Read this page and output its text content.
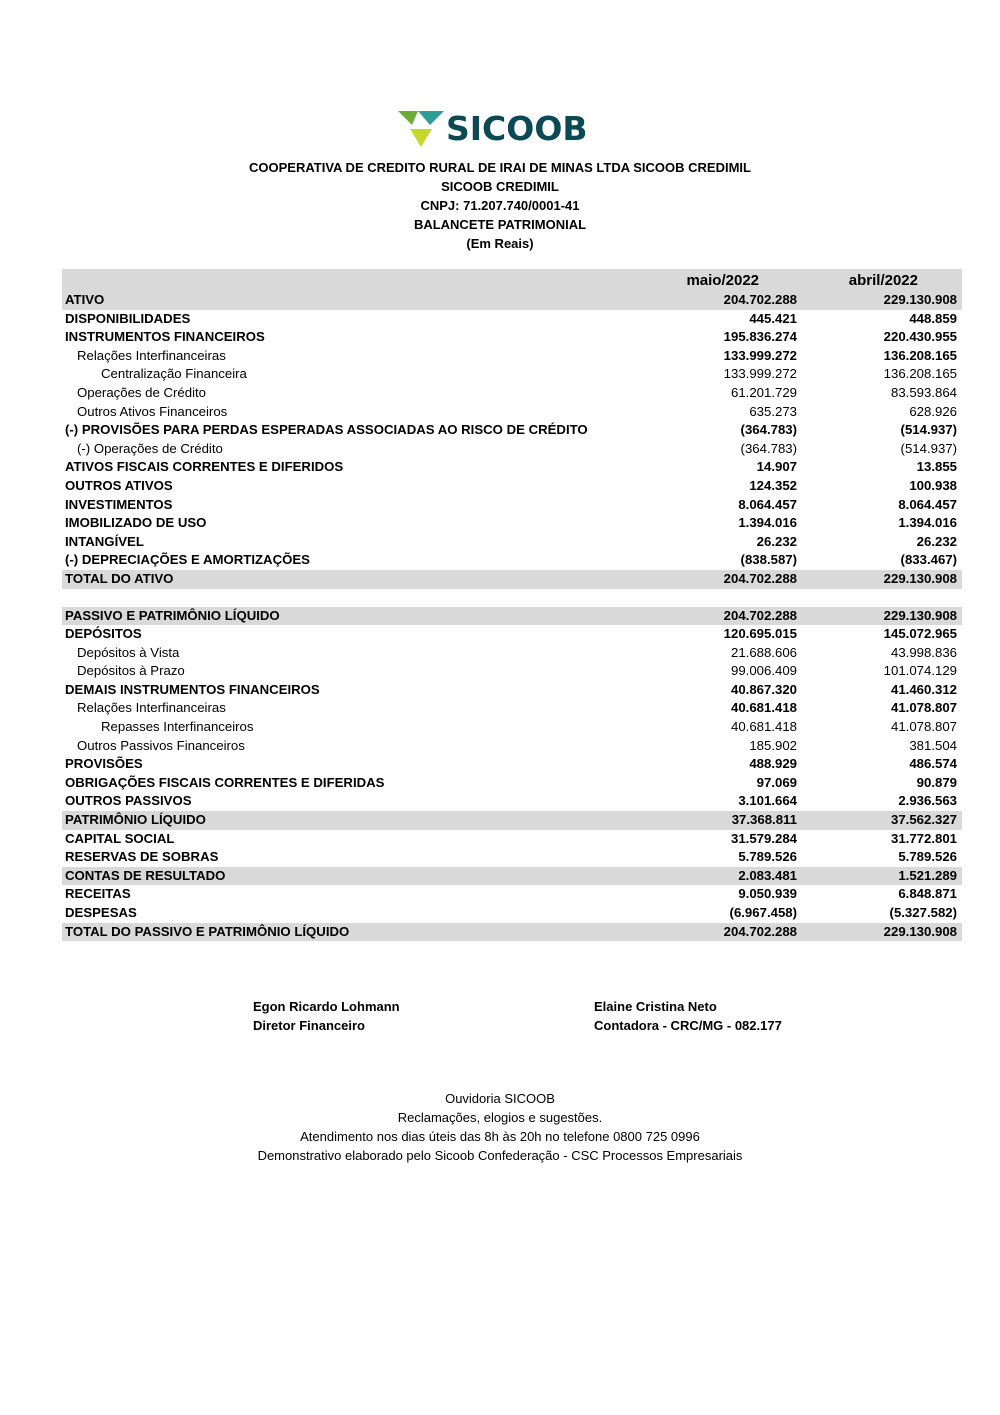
SICOOB
COOPERATIVA DE CREDITO RURAL DE IRAI DE MINAS LTDA SICOOB CREDIMIL
SICOOB CREDIMIL
CNPJ: 71.207.740/0001-41
BALANCETE PATRIMONIAL
(Em Reais)
maio/2022	abril/2022
ATIVO	204.702.288	229.130.908
DISPONIBILIDADES	445.421	448.859
INSTRUMENTOS FINANCEIROS	195.836.274	220.430.955
Relações Interfinanceiras	133.999.272	136.208.165
Centralização Financeira	133.999.272	136.208.165
Operações de Crédito	61.201.729	83.593.864
Outros Ativos Financeiros	635.273	628.926
(-) PROVISÕES PARA PERDAS ESPERADAS ASSOCIADAS AO RISCO DE CRÉDITO	(364.783)	(514.937)
(-) Operações de Crédito	(364.783)	(514.937)
ATIVOS FISCAIS CORRENTES E DIFERIDOS	14.907	13.855
OUTROS ATIVOS	124.352	100.938
INVESTIMENTOS	8.064.457	8.064.457
IMOBILIZADO DE USO	1.394.016	1.394.016
INTANGÍVEL	26.232	26.232
(-) DEPRECIAÇÕES E AMORTIZAÇÕES	(838.587)	(833.467)
TOTAL DO ATIVO	204.702.288	229.130.908
PASSIVO E PATRIMÔNIO LÍQUIDO	204.702.288	229.130.908
DEPÓSITOS	120.695.015	145.072.965
Depósitos à Vista	21.688.606	43.998.836
Depósitos à Prazo	99.006.409	101.074.129
DEMAIS INSTRUMENTOS FINANCEIROS	40.867.320	41.460.312
Relações Interfinanceiras	40.681.418	41.078.807
Repasses Interfinanceiros	40.681.418	41.078.807
Outros Passivos Financeiros	185.902	381.504
PROVISÕES	488.929	486.574
OBRIGAÇÕES FISCAIS CORRENTES E DIFERIDAS	97.069	90.879
OUTROS PASSIVOS	3.101.664	2.936.563
PATRIMÔNIO LÍQUIDO	37.368.811	37.562.327
CAPITAL SOCIAL	31.579.284	31.772.801
RESERVAS DE SOBRAS	5.789.526	5.789.526
CONTAS DE RESULTADO	2.083.481	1.521.289
RECEITAS	9.050.939	6.848.871
DESPESAS	(6.967.458)	(5.327.582)
TOTAL DO PASSIVO E PATRIMÔNIO LÍQUIDO	204.702.288	229.130.908
Egon Ricardo Lohmann
Diretor Financeiro
Elaine Cristina Neto
Contadora - CRC/MG - 082.177
Ouvidoria SICOOB
Reclamações, elogios e sugestões.
Atendimento nos dias úteis das 8h às 20h no telefone 0800 725 0996
Demonstrativo elaborado pelo Sicoob Confederação - CSC Processos Empresariais
